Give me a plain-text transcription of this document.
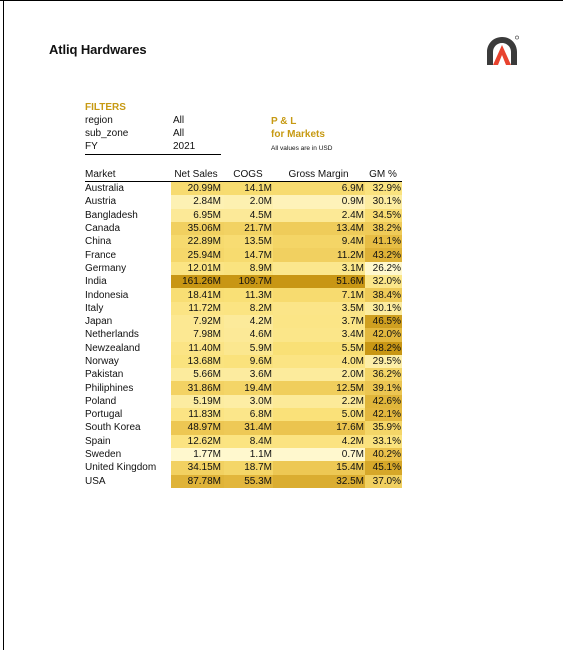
Atliq Hardwares
FILTERS
region	All
sub_zone	All
FY	2021
P & L
for Markets
All values are in USD
Market	Net Sales	COGS	Gross Margin	GM %
Australia	20.99M	14.1M	6.9M	32.9%
Austria	2.84M	2.0M	0.9M	30.1%
Bangladesh	6.95M	4.5M	2.4M	34.5%
Canada	35.06M	21.7M	13.4M	38.2%
China	22.89M	13.5M	9.4M	41.1%
France	25.94M	14.7M	11.2M	43.2%
Germany	12.01M	8.9M	3.1M	26.2%
India	161.26M	109.7M	51.6M	32.0%
Indonesia	18.41M	11.3M	7.1M	38.4%
Italy	11.72M	8.2M	3.5M	30.1%
Japan	7.92M	4.2M	3.7M	46.5%
Netherlands	7.98M	4.6M	3.4M	42.0%
Newzealand	11.40M	5.9M	5.5M	48.2%
Norway	13.68M	9.6M	4.0M	29.5%
Pakistan	5.66M	3.6M	2.0M	36.2%
Philiphines	31.86M	19.4M	12.5M	39.1%
Poland	5.19M	3.0M	2.2M	42.6%
Portugal	11.83M	6.8M	5.0M	42.1%
South Korea	48.97M	31.4M	17.6M	35.9%
Spain	12.62M	8.4M	4.2M	33.1%
Sweden	1.77M	1.1M	0.7M	40.2%
United Kingdom	34.15M	18.7M	15.4M	45.1%
USA	87.78M	55.3M	32.5M	37.0%
